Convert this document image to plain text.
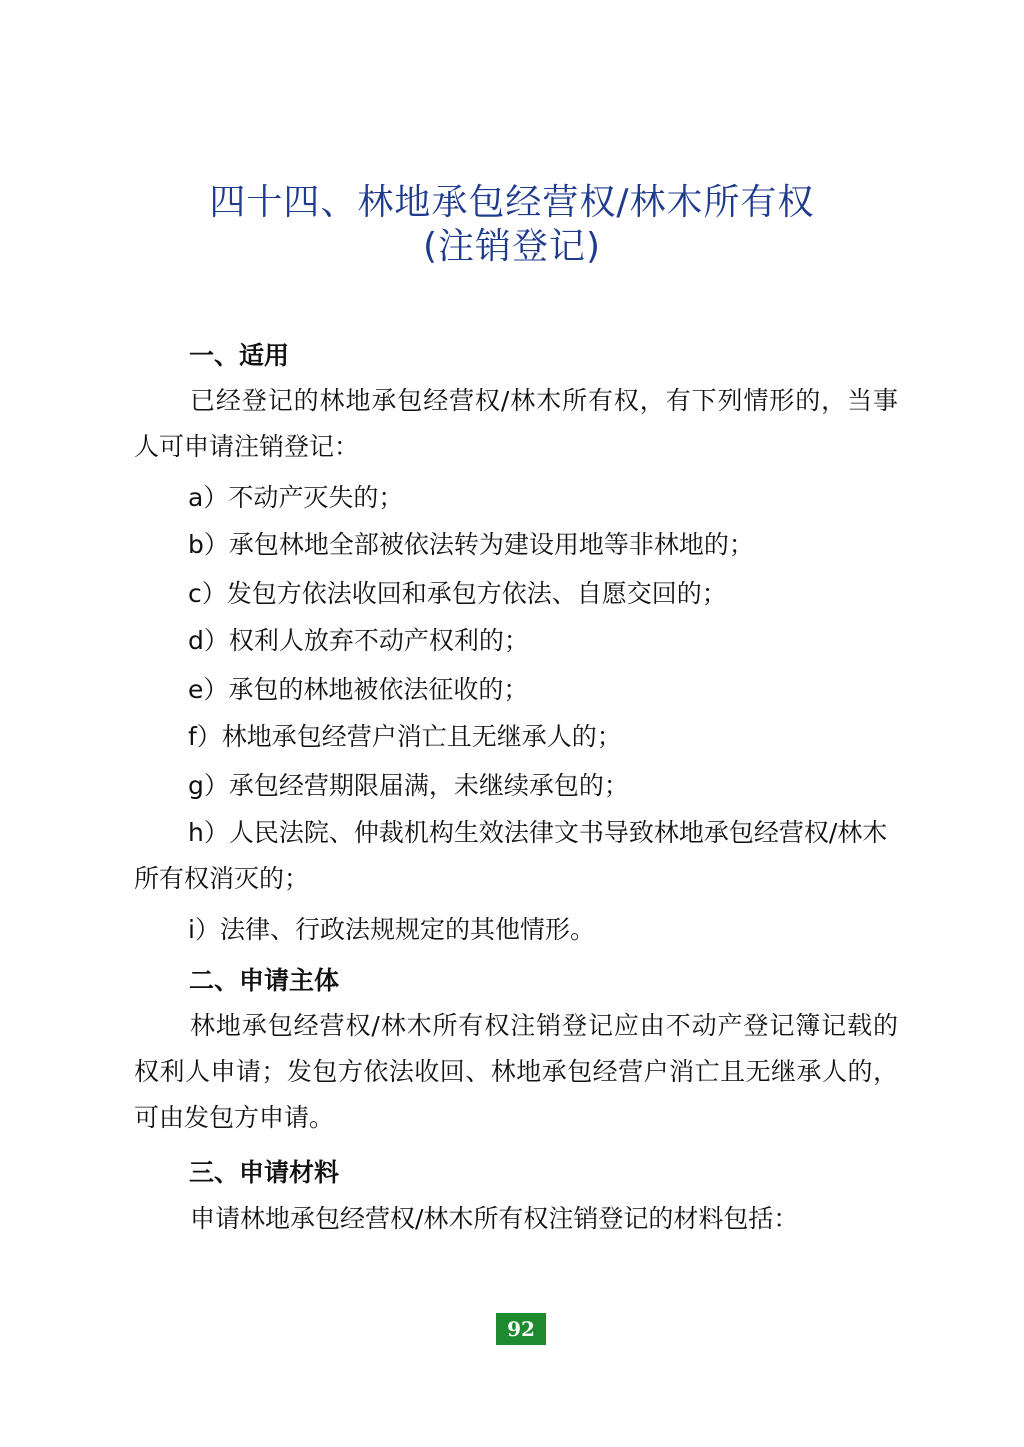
四十四、林地承包经营权/林木所有权
(注销登记)
一、适用
已经登记的林地承包经营权/林木所有权，有下列情形的，当事人可申请注销登记：
a）不动产灭失的；
b）承包林地全部被依法转为建设用地等非林地的；
c）发包方依法收回和承包方依法、自愿交回的；
d）权利人放弃不动产权利的；
e）承包的林地被依法征收的；
f）林地承包经营户消亡且无继承人的；
g）承包经营期限届满，未继续承包的；
h）人民法院、仲裁机构生效法律文书导致林地承包经营权/林木所有权消灭的；
i）法律、行政法规规定的其他情形。
二、申请主体
林地承包经营权/林木所有权注销登记应由不动产登记簿记载的权利人申请；发包方依法收回、林地承包经营户消亡且无继承人的，可由发包方申请。
三、申请材料
申请林地承包经营权/林木所有权注销登记的材料包括：
92
